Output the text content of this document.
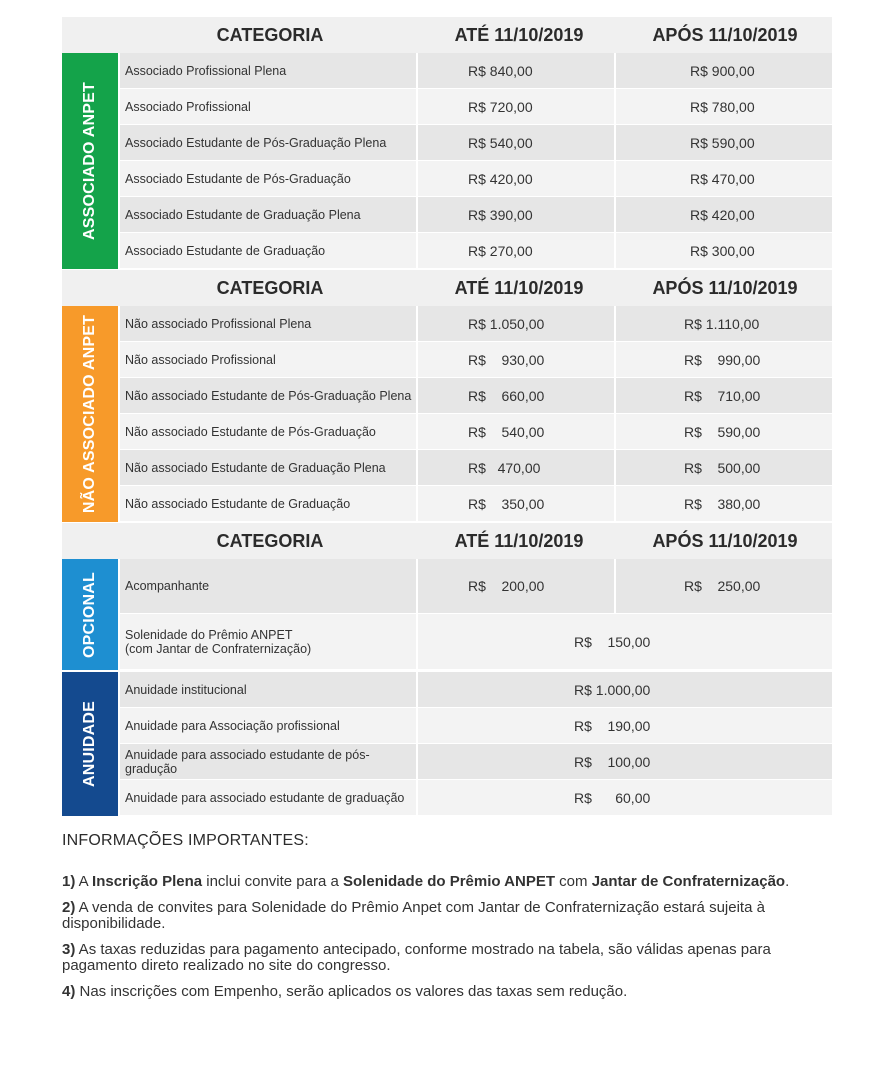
CATEGORIA	ATÉ 11/10/2019	APÓS 11/10/2019
ASSOCIADO ANPET
Associado Profissional Plena	R$ 840,00	R$ 900,00
Associado Profissional	R$ 720,00	R$ 780,00
Associado Estudante de Pós-Graduação Plena	R$ 540,00	R$ 590,00
Associado Estudante de Pós-Graduação	R$ 420,00	R$ 470,00
Associado Estudante de Graduação Plena	R$ 390,00	R$ 420,00
Associado Estudante de Graduação	R$ 270,00	R$ 300,00
CATEGORIA	ATÉ 11/10/2019	APÓS 11/10/2019
NÃO ASSOCIADO ANPET	Não associado Profissional Plena	R$ 1.050,00	R$ 1.110,00
Não associado Profissional	R$    930,00	R$    990,00
Não associado Estudante de Pós-Graduação Plena	R$    660,00	R$    710,00
Não associado Estudante de Pós-Graduação	R$    540,00	R$    590,00
Não associado Estudante de Graduação Plena	R$   470,00	R$    500,00
Não associado Estudante de Graduação	R$    350,00	R$    380,00
CATEGORIA	ATÉ 11/10/2019	APÓS 11/10/2019
OPCIONAL	Acompanhante	R$    200,00	R$    250,00
Solenidade do Prêmio ANPET
(com Jantar de Confraternização)	R$    150,00
ANUIDADE
Anuidade institucional	R$ 1.000,00
Anuidade para Associação profissional	R$    190,00
Anuidade para associado estudante de pós-gradução	R$    100,00
Anuidade para associado estudante de graduação	R$      60,00
INFORMAÇÕES IMPORTANTES:

1) A Inscrição Plena inclui convite para a Solenidade do Prêmio ANPET com Jantar de Confraternização.

2) A venda de convites para Solenidade do Prêmio Anpet com Jantar de Confraternização estará sujeita à disponibilidade.

3) As taxas reduzidas para pagamento antecipado, conforme mostrado na tabela, são válidas apenas para pagamento direto realizado no site do congresso.

4) Nas inscrições com Empenho, serão aplicados os valores das taxas sem redução.
